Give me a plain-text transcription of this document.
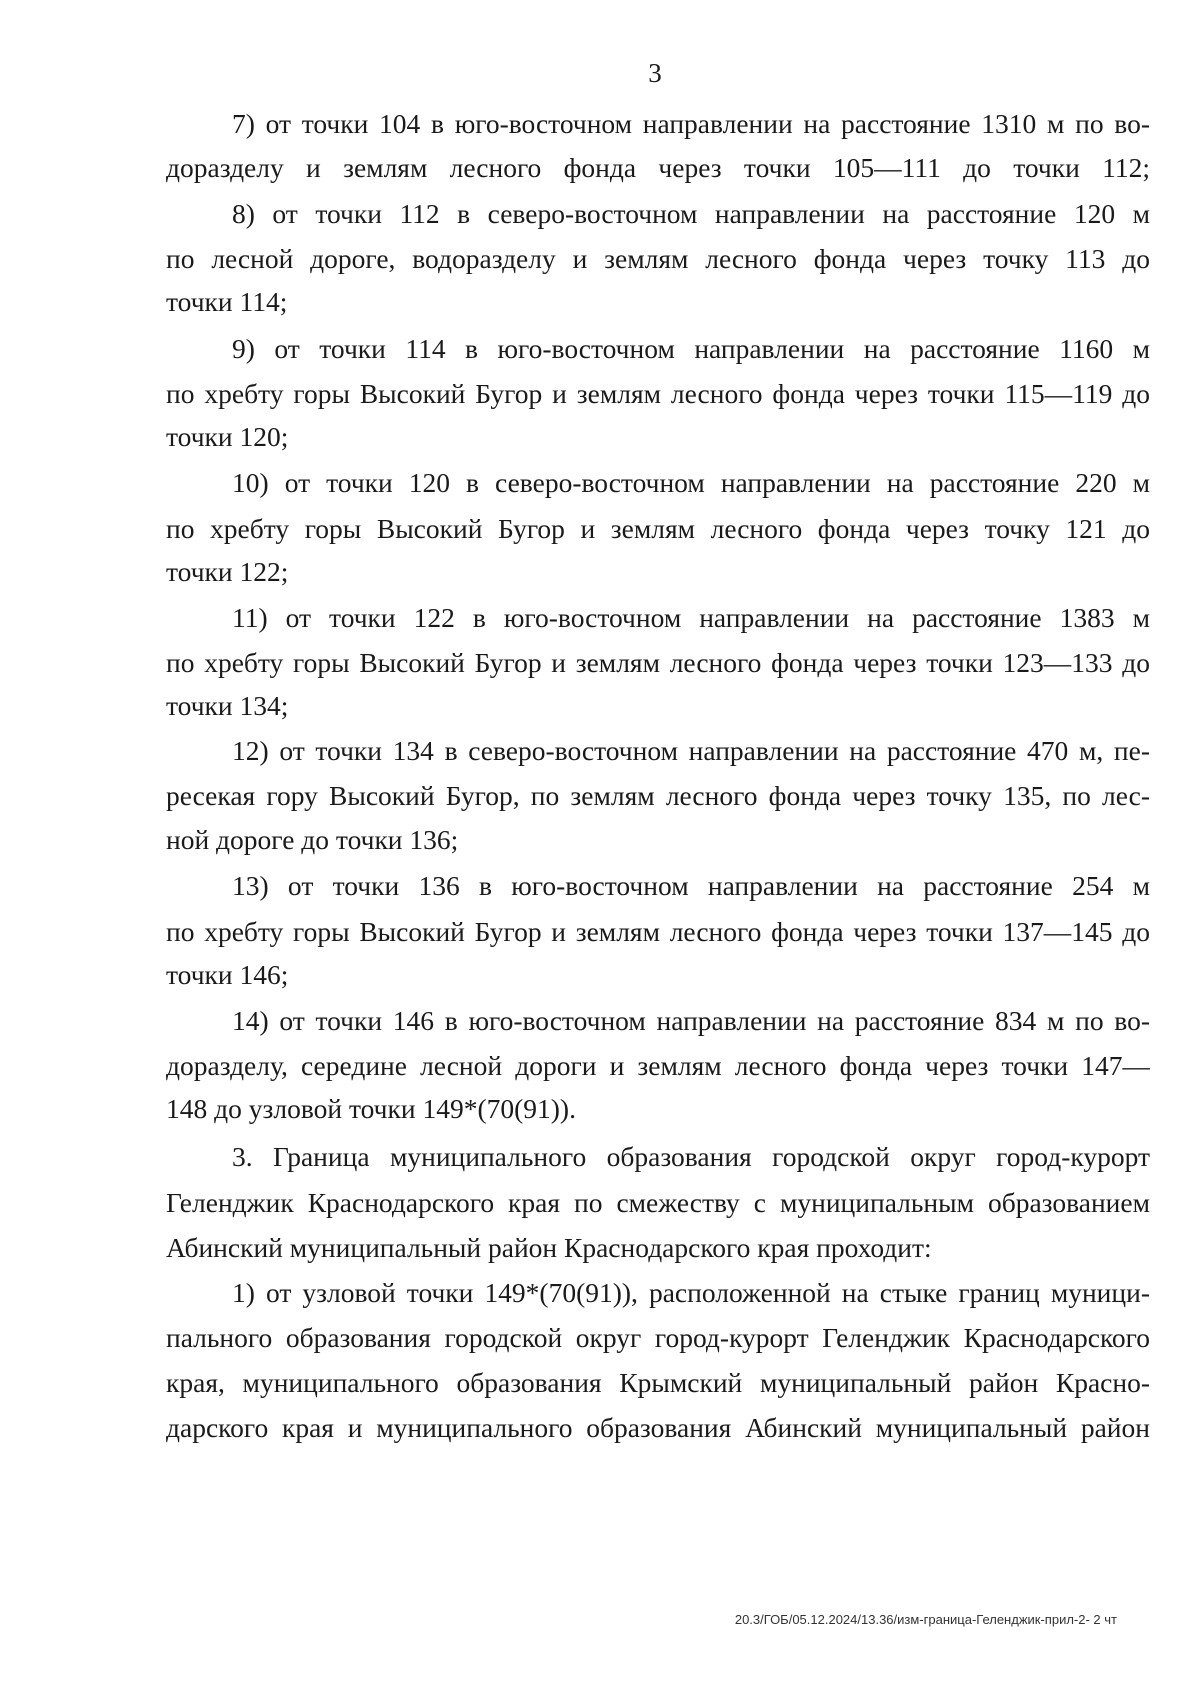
3
7) от точки 104 в юго-восточном направлении на расстояние 1310 м по во-
доразделу и землям лесного фонда через точки 105—111 до точки 112;
8) от точки 112 в северо-восточном направлении на расстояние 120 м
по лесной дороге, водоразделу и землям лесного фонда через точку 113 до
точки 114;
9) от точки 114 в юго-восточном направлении на расстояние 1160 м
по хребту горы Высокий Бугор и землям лесного фонда через точки 115—119 до
точки 120;
10) от точки 120 в северо-восточном направлении на расстояние 220 м
по хребту горы Высокий Бугор и землям лесного фонда через точку 121 до
точки 122;
11) от точки 122 в юго-восточном направлении на расстояние 1383 м
по хребту горы Высокий Бугор и землям лесного фонда через точки 123—133 до
точки 134;
12) от точки 134 в северо-восточном направлении на расстояние 470 м, пе-
ресекая гору Высокий Бугор, по землям лесного фонда через точку 135, по лес-
ной дороге до точки 136;
13) от точки 136 в юго-восточном направлении на расстояние 254 м
по хребту горы Высокий Бугор и землям лесного фонда через точки 137—145 до
точки 146;
14) от точки 146 в юго-восточном направлении на расстояние 834 м по во-
доразделу, середине лесной дороги и землям лесного фонда через точки 147—
148 до узловой точки 149*(70(91)).
3. Граница муниципального образования городской округ город-курорт
Геленджик Краснодарского края по смежеству с муниципальным образованием
Абинский муниципальный район Краснодарского края проходит:
1) от узловой точки 149*(70(91)), расположенной на стыке границ муници-
пального образования городской округ город-курорт Геленджик Краснодарского
края, муниципального образования Крымский муниципальный район Красно-
дарского края и муниципального образования Абинский муниципальный район
20.3/ГОБ/05.12.2024/13.36/изм-граница-Геленджик-прил-2- 2 чт
